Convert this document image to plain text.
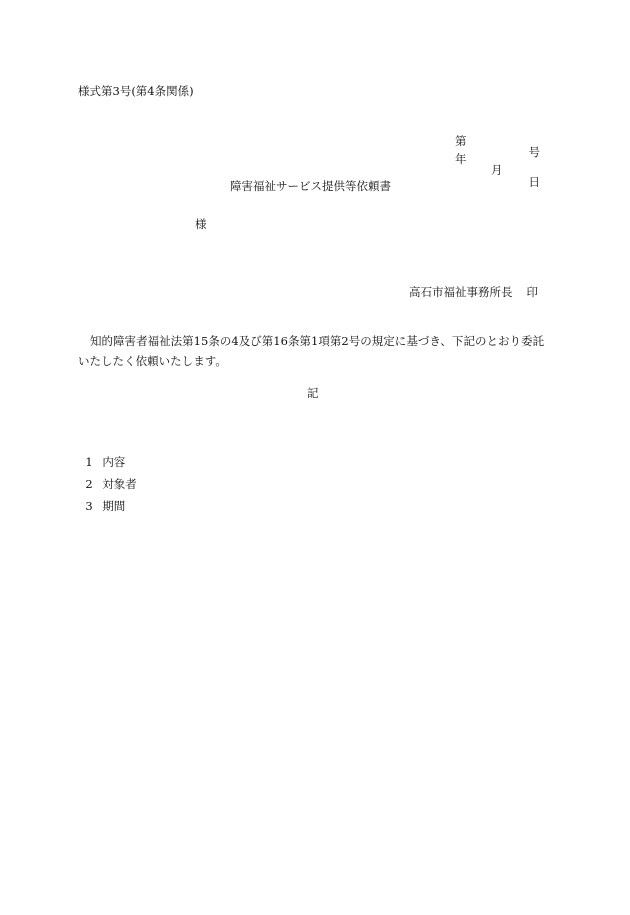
様式第3号(第4条関係)

第

号

年

月

日

障害福祉サービス提供等依頼書
様

高石市福祉事務所長 印

知的障害者福祉法第15条の4及び第16条第1項第2号の規定に基づき、下記のとおり委託いたしたく依頼いたします。
記

1 内容

2 対象者

3 期間
